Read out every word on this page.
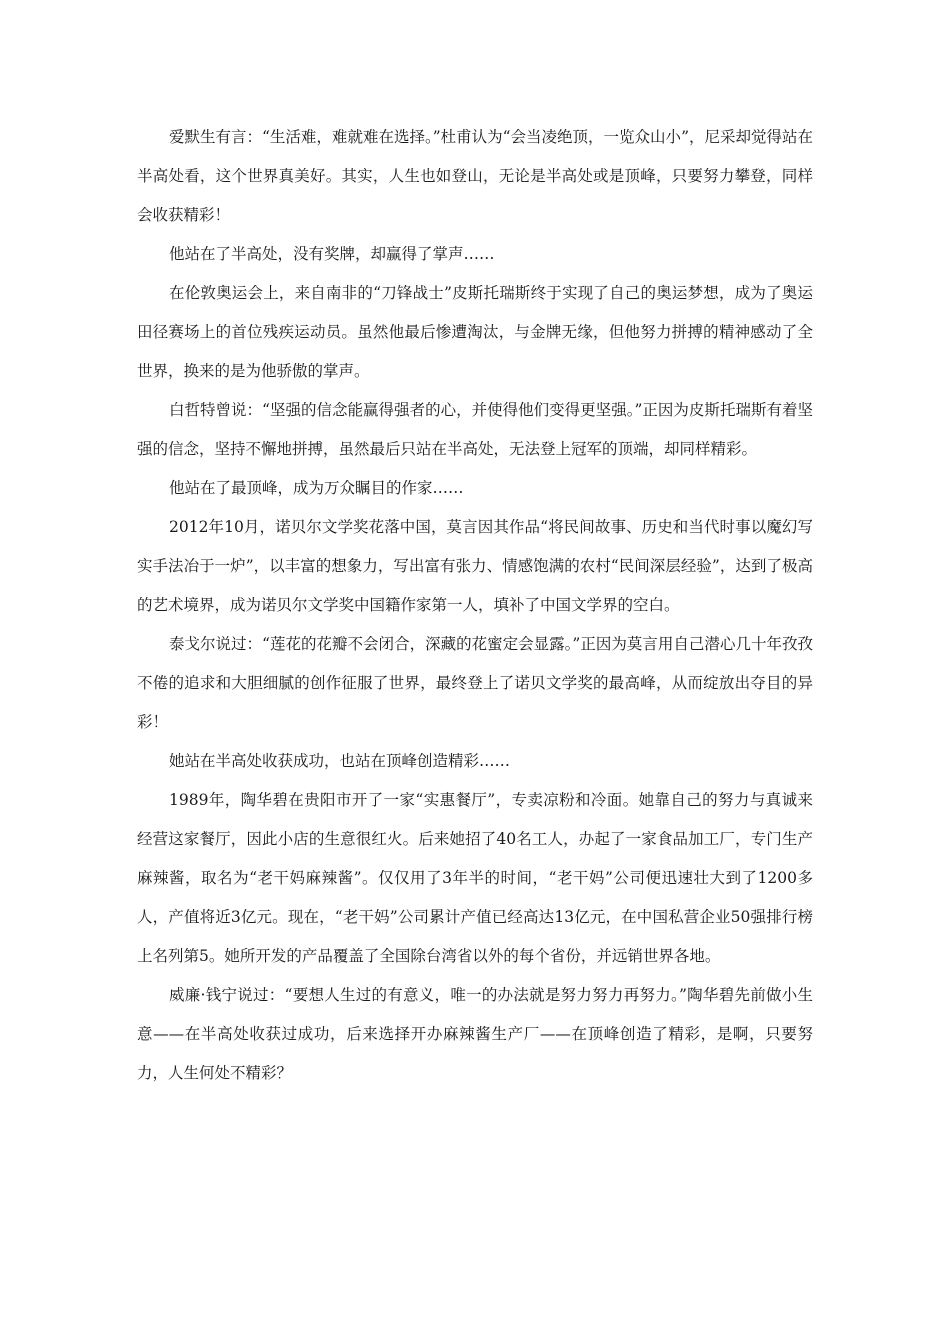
爱默生有言：“生活难，难就难在选择。”杜甫认为“会当凌绝顶，一览众山小”，尼采却觉得站在半高处看，这个世界真美好。其实，人生也如登山，无论是半高处或是顶峰，只要努力攀登，同样会收获精彩！

他站在了半高处，没有奖牌，却赢得了掌声……

在伦敦奥运会上，来自南非的“刀锋战士”皮斯托瑞斯终于实现了自己的奥运梦想，成为了奥运田径赛场上的首位残疾运动员。虽然他最后惨遭淘汰，与金牌无缘，但他努力拼搏的精神感动了全世界，换来的是为他骄傲的掌声。

白哲特曾说：“坚强的信念能赢得强者的心，并使得他们变得更坚强。”正因为皮斯托瑞斯有着坚强的信念，坚持不懈地拼搏，虽然最后只站在半高处，无法登上冠军的顶端，却同样精彩。

他站在了最顶峰，成为万众瞩目的作家……

2012年10月，诺贝尔文学奖花落中国，莫言因其作品“将民间故事、历史和当代时事以魔幻写实手法冶于一炉”，以丰富的想象力，写出富有张力、情感饱满的农村“民间深层经验”，达到了极高的艺术境界，成为诺贝尔文学奖中国籍作家第一人，填补了中国文学界的空白。

泰戈尔说过：“莲花的花瓣不会闭合，深藏的花蜜定会显露。”正因为莫言用自己潜心几十年孜孜不倦的追求和大胆细腻的创作征服了世界，最终登上了诺贝文学奖的最高峰，从而绽放出夺目的异彩！

她站在半高处收获成功，也站在顶峰创造精彩……

1989年，陶华碧在贵阳市开了一家“实惠餐厅”，专卖凉粉和冷面。她靠自己的努力与真诚来经营这家餐厅，因此小店的生意很红火。后来她招了40名工人，办起了一家食品加工厂，专门生产麻辣酱，取名为“老干妈麻辣酱”。仅仅用了3年半的时间，“老干妈”公司便迅速壮大到了1200多人，产值将近3亿元。现在，“老干妈”公司累计产值已经高达13亿元，在中国私营企业50强排行榜上名列第5。她所开发的产品覆盖了全国除台湾省以外的每个省份，并远销世界各地。

威廉·钱宁说过：“要想人生过的有意义，唯一的办法就是努力努力再努力。”陶华碧先前做小生意——在半高处收获过成功，后来选择开办麻辣酱生产厂——在顶峰创造了精彩，是啊，只要努力，人生何处不精彩？
